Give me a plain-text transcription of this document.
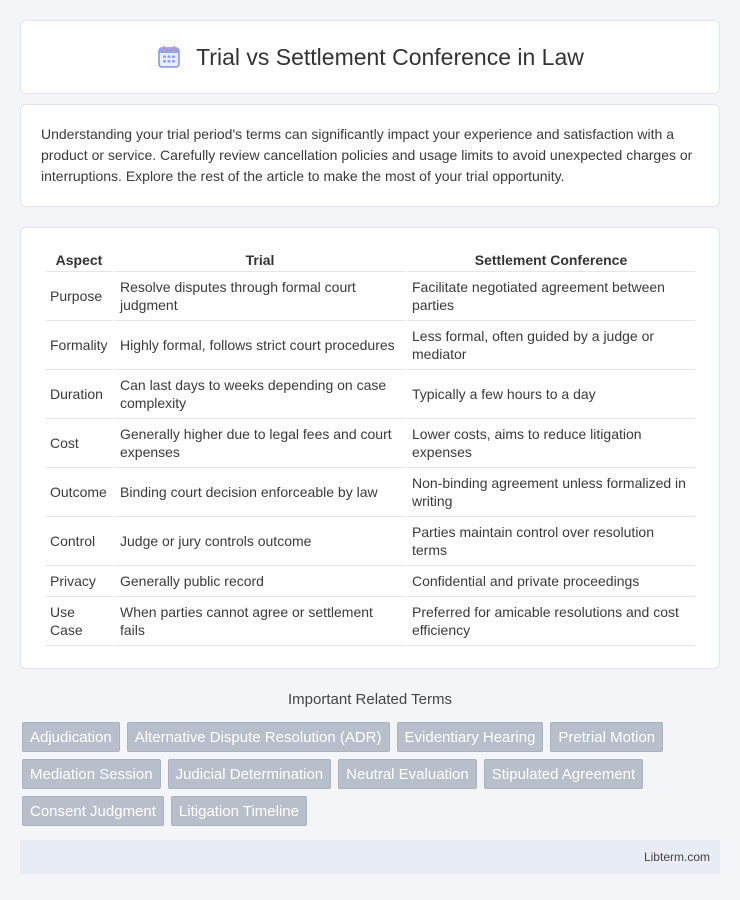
Trial vs Settlement Conference in Law

Understanding your trial period's terms can significantly impact your experience and satisfaction with a product or service. Carefully review cancellation policies and usage limits to avoid unexpected charges or interruptions. Explore the rest of the article to make the most of your trial opportunity.

Aspect	Trial	Settlement Conference
Purpose	Resolve disputes through formal court judgment	Facilitate negotiated agreement between parties
Formality	Highly formal, follows strict court procedures	Less formal, often guided by a judge or mediator
Duration	Can last days to weeks depending on case complexity	Typically a few hours to a day
Cost	Generally higher due to legal fees and court expenses	Lower costs, aims to reduce litigation expenses
Outcome	Binding court decision enforceable by law	Non-binding agreement unless formalized in writing
Control	Judge or jury controls outcome	Parties maintain control over resolution terms
Privacy	Generally public record	Confidential and private proceedings
Use Case	When parties cannot agree or settlement fails	Preferred for amicable resolutions and cost efficiency
Important Related Terms
Adjudication	Alternative Dispute Resolution (ADR)	Evidentiary Hearing	Pretrial Motion
Mediation Session	Judicial Determination	Neutral Evaluation	Stipulated Agreement
Consent Judgment	Litigation Timeline
Libterm.com
